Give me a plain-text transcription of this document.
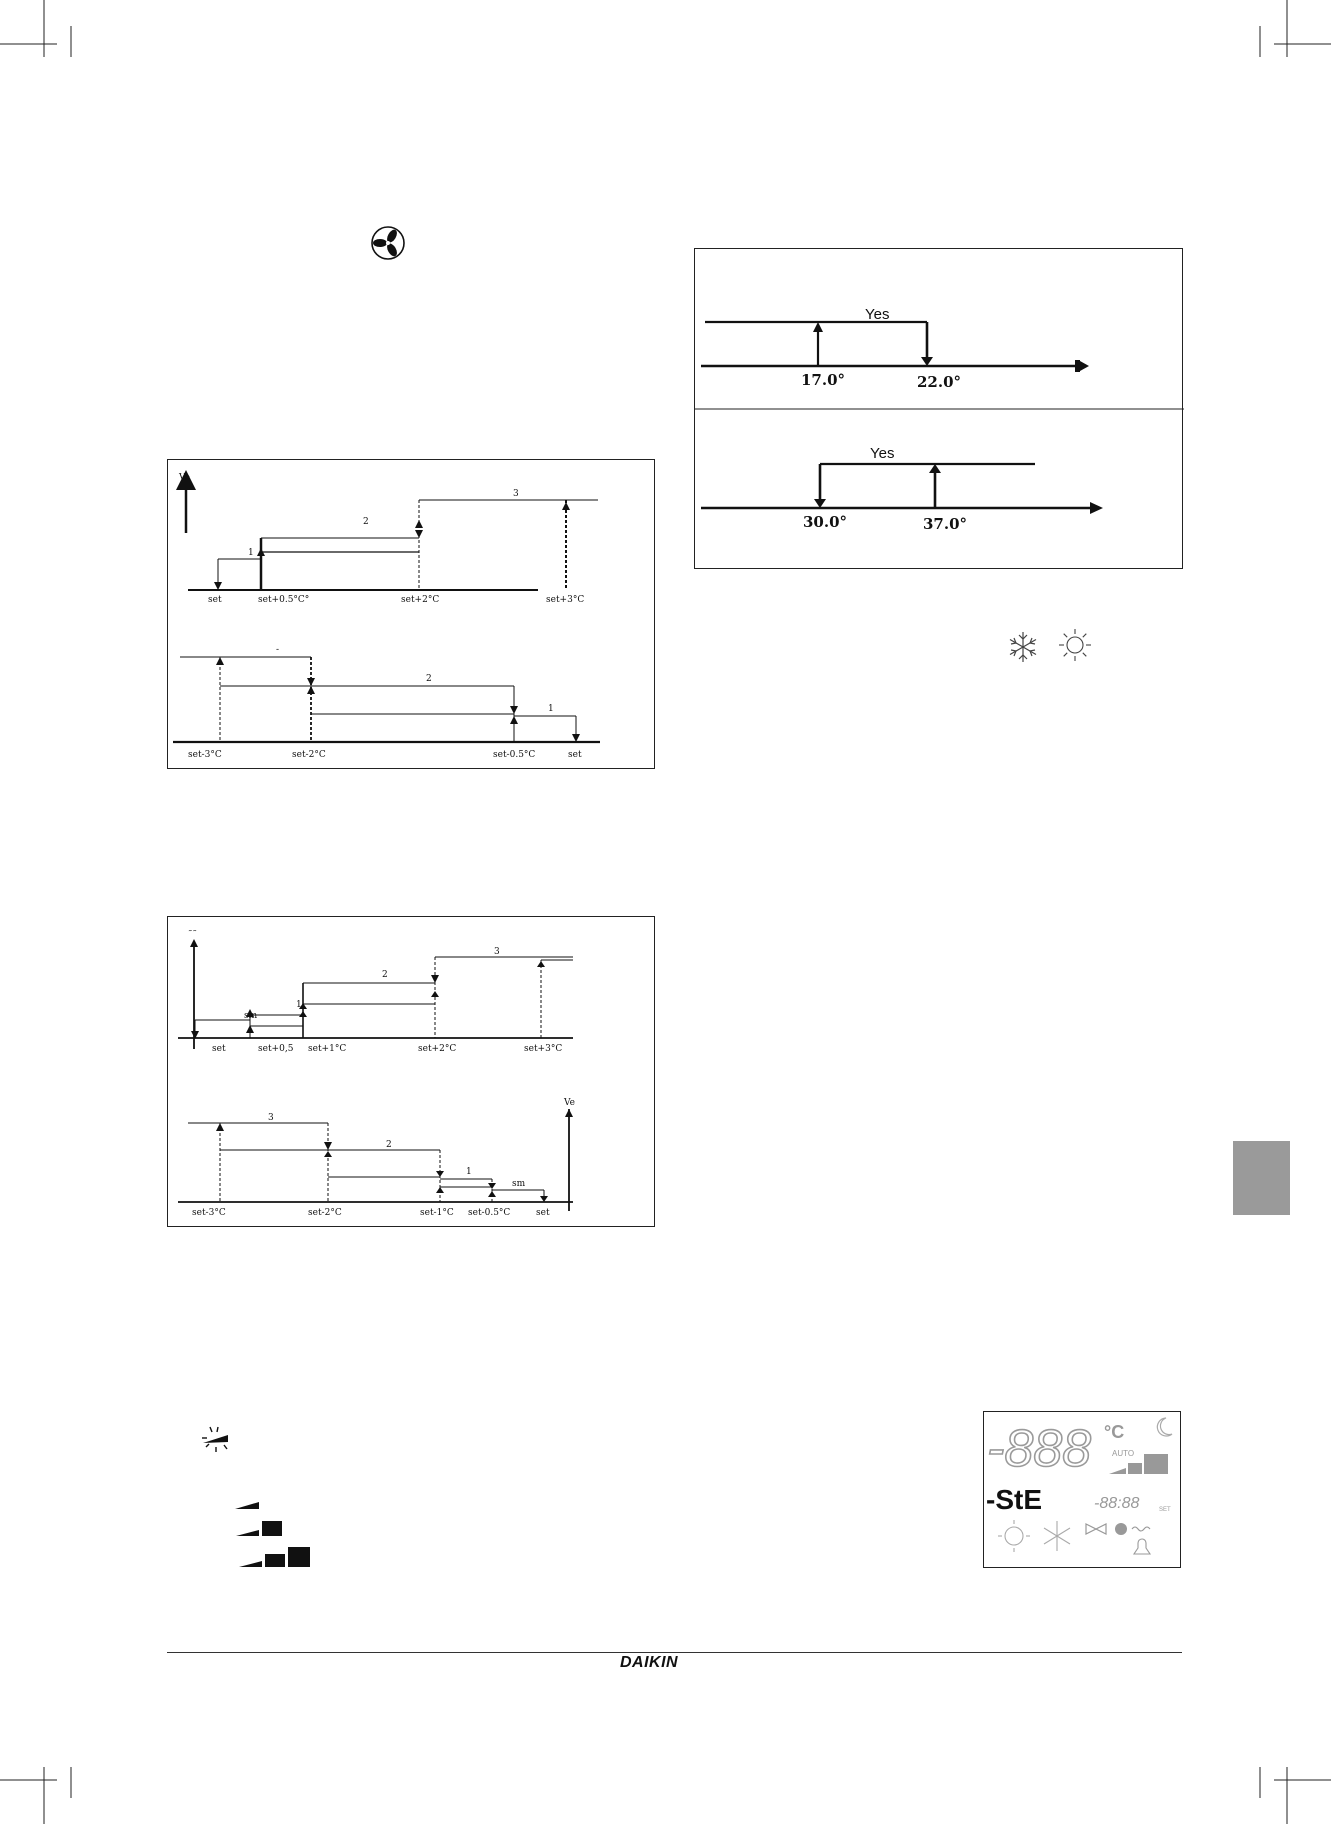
Ve
1
2
3
set	set+0.5°C°	set+2°C	set+3°C
-
2
1
set-3°C	set-2°C	set-0.5°C	set
˜˜
sm
1
2
3
set	set+0,5 set+1°C	set+2°C	set+3°C
Ve
3
2
1
sm
set-3°C	set-2°C	set-1°C set-0.5°C	set
Yes
17.0°	22.0°
Yes
30.0°	37.0°
-888 °C
AUTO
-StE	-88:88	SET
DAIKIN
